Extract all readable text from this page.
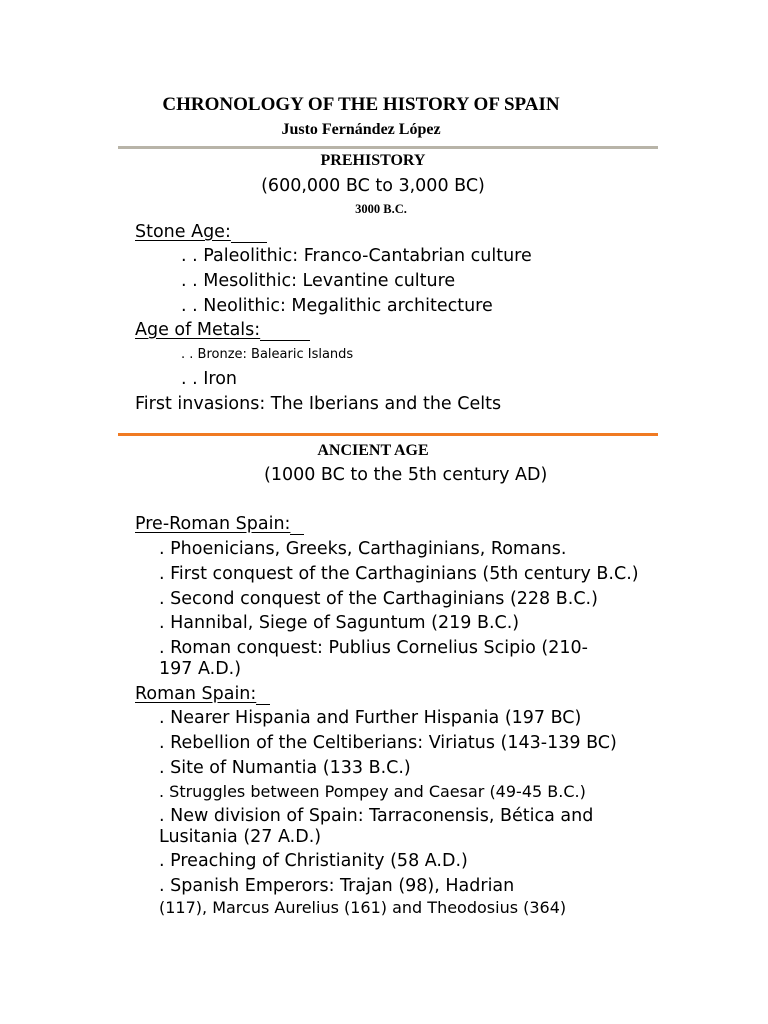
CHRONOLOGY OF THE HISTORY OF SPAIN
Justo Fernández López
PREHISTORY
(600,000 BC to 3,000 BC)
3000 B.C.
Stone Age:
. . Paleolithic: Franco-Cantabrian culture
. . Mesolithic: Levantine culture
. . Neolithic: Megalithic architecture
Age of Metals:
. . Bronze: Balearic Islands
. . Iron
First invasions: The Iberians and the Celts
ANCIENT AGE
(1000 BC to the 5th century AD)
Pre-Roman Spain:
. Phoenicians, Greeks, Carthaginians, Romans.
. First conquest of the Carthaginians (5th century B.C.)
. Second conquest of the Carthaginians (228 B.C.)
. Hannibal, Siege of Saguntum (219 B.C.)
. Roman conquest: Publius Cornelius Scipio (210-
197 A.D.)
Roman Spain:
. Nearer Hispania and Further Hispania (197 BC)
. Rebellion of the Celtiberians: Viriatus (143-139 BC)
. Site of Numantia (133 B.C.)
. Struggles between Pompey and Caesar (49-45 B.C.)
. New division of Spain: Tarraconensis, Bética and
Lusitania (27 A.D.)
. Preaching of Christianity (58 A.D.)
. Spanish Emperors: Trajan (98), Hadrian
(117), Marcus Aurelius (161) and Theodosius (364)
